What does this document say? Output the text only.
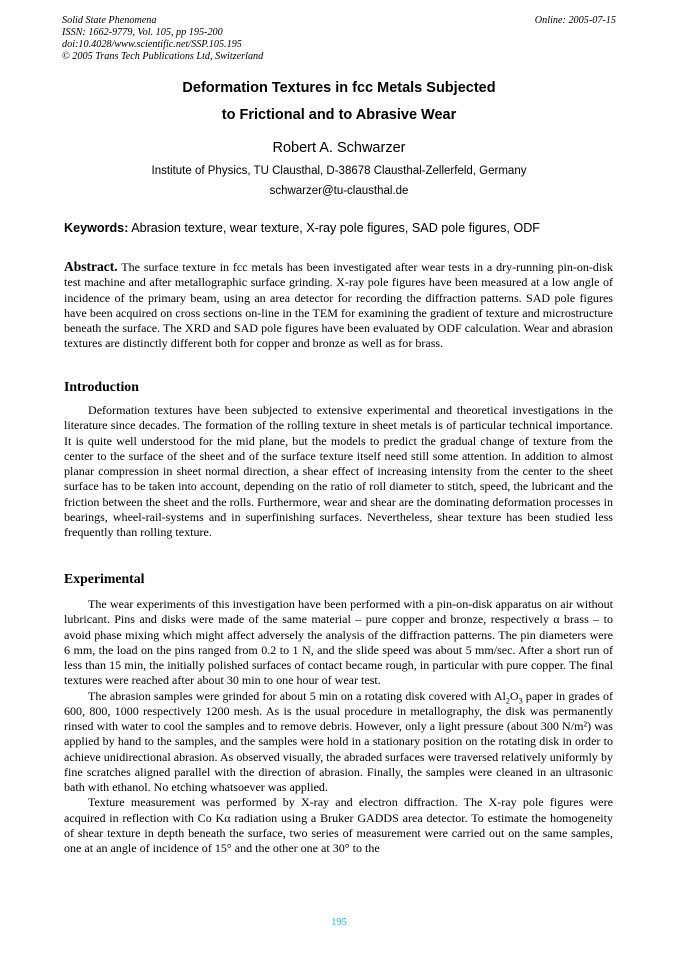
Solid State Phenomena
ISSN: 1662-9779, Vol. 105, pp 195-200
doi:10.4028/www.scientific.net/SSP.105.195
© 2005 Trans Tech Publications Ltd, Switzerland
Online: 2005-07-15
Deformation Textures in fcc Metals Subjected
to Frictional and to Abrasive Wear
Robert A. Schwarzer
Institute of Physics, TU Clausthal, D-38678 Clausthal-Zellerfeld, Germany
schwarzer@tu-clausthal.de
Keywords: Abrasion texture, wear texture, X-ray pole figures, SAD pole figures, ODF
Abstract. The surface texture in fcc metals has been investigated after wear tests in a dry-running pin-on-disk test machine and after metallographic surface grinding. X-ray pole figures have been measured at a low angle of incidence of the primary beam, using an area detector for recording the diffraction patterns. SAD pole figures have been acquired on cross sections on-line in the TEM for examining the gradient of texture and microstructure beneath the surface. The XRD and SAD pole figures have been evaluated by ODF calculation. Wear and abrasion textures are distinctly different both for copper and bronze as well as for brass.
Introduction

Deformation textures have been subjected to extensive experimental and theoretical investigations in the literature since decades. The formation of the rolling texture in sheet metals is of particular technical importance. It is quite well understood for the mid plane, but the models to predict the gradual change of texture from the center to the surface of the sheet and of the surface texture itself need still some attention. In addition to almost planar compression in sheet normal direction, a shear effect of increasing intensity from the center to the sheet surface has to be taken into account, depending on the ratio of roll diameter to stitch, speed, the lubricant and the friction between the sheet and the rolls. Furthermore, wear and shear are the dominating deformation processes in bearings, wheel-rail-systems and in superfinishing surfaces. Nevertheless, shear texture has been studied less frequently than rolling texture.

Experimental

The wear experiments of this investigation have been performed with a pin-on-disk apparatus on air without lubricant. Pins and disks were made of the same material – pure copper and bronze, respectively α brass – to avoid phase mixing which might affect adversely the analysis of the diffraction patterns. The pin diameters were 6 mm, the load on the pins ranged from 0.2 to 1 N, and the slide speed was about 5 mm/sec. After a short run of less than 15 min, the initially polished surfaces of contact became rough, in particular with pure copper. The final textures were reached after about 30 min to one hour of wear test.

The abrasion samples were grinded for about 5 min on a rotating disk covered with $Al_2O_3$ paper in grades of 600, 800, 1000 respectively 1200 mesh. As is the usual procedure in metallography, the disk was permanently rinsed with water to cool the samples and to remove debris. However, only a light pressure (about 300 N/m²) was applied by hand to the samples, and the samples were hold in a stationary position on the rotating disk in order to achieve unidirectional abrasion. As observed visually, the abraded surfaces were traversed relatively uniformly by fine scratches aligned parallel with the direction of abrasion. Finally, the samples were cleaned in an ultrasonic bath with ethanol. No etching whatsoever was applied.

Texture measurement was performed by X-ray and electron diffraction. The X-ray pole figures were acquired in reflection with Co Kα radiation using a Bruker GADDS area detector. To estimate the homogeneity of shear texture in depth beneath the surface, two series of measurement were carried out on the same samples, one at an angle of incidence of 15° and the other one at 30° to the

195
